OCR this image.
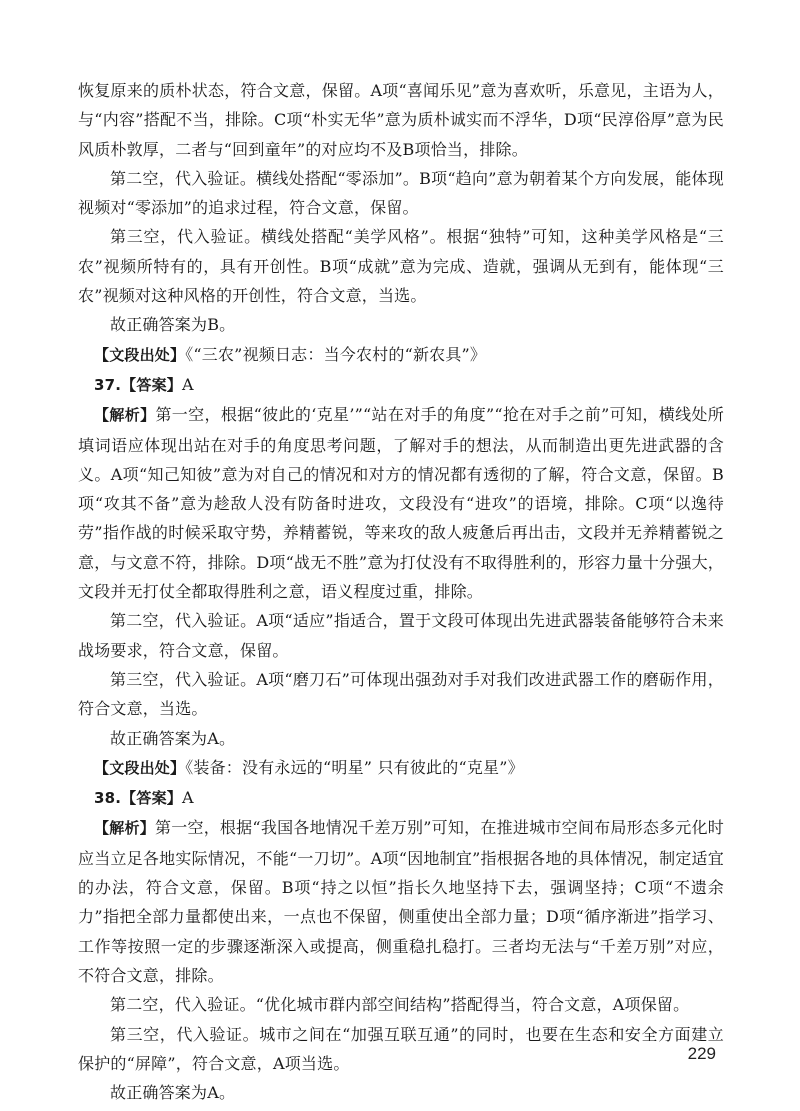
恢复原来的质朴状态，符合文意，保留。A项“喜闻乐见”意为喜欢听，乐意见，主语为人，与“内容”搭配不当，排除。C项“朴实无华”意为质朴诚实而不浮华，D项“民淳俗厚”意为民风质朴敦厚，二者与“回到童年”的对应均不及B项恰当，排除。

第二空，代入验证。横线处搭配“零添加”。B项“趋向”意为朝着某个方向发展，能体现视频对“零添加”的追求过程，符合文意，保留。

第三空，代入验证。横线处搭配“美学风格”。根据“独特”可知，这种美学风格是“三农”视频所特有的，具有开创性。B项“成就”意为完成、造就，强调从无到有，能体现“三农”视频对这种风格的开创性，符合文意，当选。

故正确答案为B。

【文段出处】《“三农”视频日志：当今农村的“新农具”》

37.【答案】A

【解析】第一空，根据“彼此的‘克星’”“站在对手的角度”“抢在对手之前”可知，横线处所填词语应体现出站在对手的角度思考问题，了解对手的想法，从而制造出更先进武器的含义。A项“知己知彼”意为对自己的情况和对方的情况都有透彻的了解，符合文意，保留。B项“攻其不备”意为趁敌人没有防备时进攻，文段没有“进攻”的语境，排除。C项“以逸待劳”指作战的时候采取守势，养精蓄锐，等来攻的敌人疲惫后再出击，文段并无养精蓄锐之意，与文意不符，排除。D项“战无不胜”意为打仗没有不取得胜利的，形容力量十分强大，文段并无打仗全都取得胜利之意，语义程度过重，排除。

第二空，代入验证。A项“适应”指适合，置于文段可体现出先进武器装备能够符合未来战场要求，符合文意，保留。

第三空，代入验证。A项“磨刀石”可体现出强劲对手对我们改进武器工作的磨砺作用，符合文意，当选。

故正确答案为A。

【文段出处】《装备：没有永远的“明星” 只有彼此的“克星”》

38.【答案】A

【解析】第一空，根据“我国各地情况千差万别”可知，在推进城市空间布局形态多元化时应当立足各地实际情况，不能“一刀切”。A项“因地制宜”指根据各地的具体情况，制定适宜的办法，符合文意，保留。B项“持之以恒”指长久地坚持下去，强调坚持；C项“不遗余力”指把全部力量都使出来，一点也不保留，侧重使出全部力量；D项“循序渐进”指学习、工作等按照一定的步骤逐渐深入或提高，侧重稳扎稳打。三者均无法与“千差万别”对应，不符合文意，排除。

第二空，代入验证。“优化城市群内部空间结构”搭配得当，符合文意，A项保留。

第三空，代入验证。城市之间在“加强互联互通”的同时，也要在生态和安全方面建立保护的“屏障”，符合文意，A项当选。

故正确答案为A。

229
